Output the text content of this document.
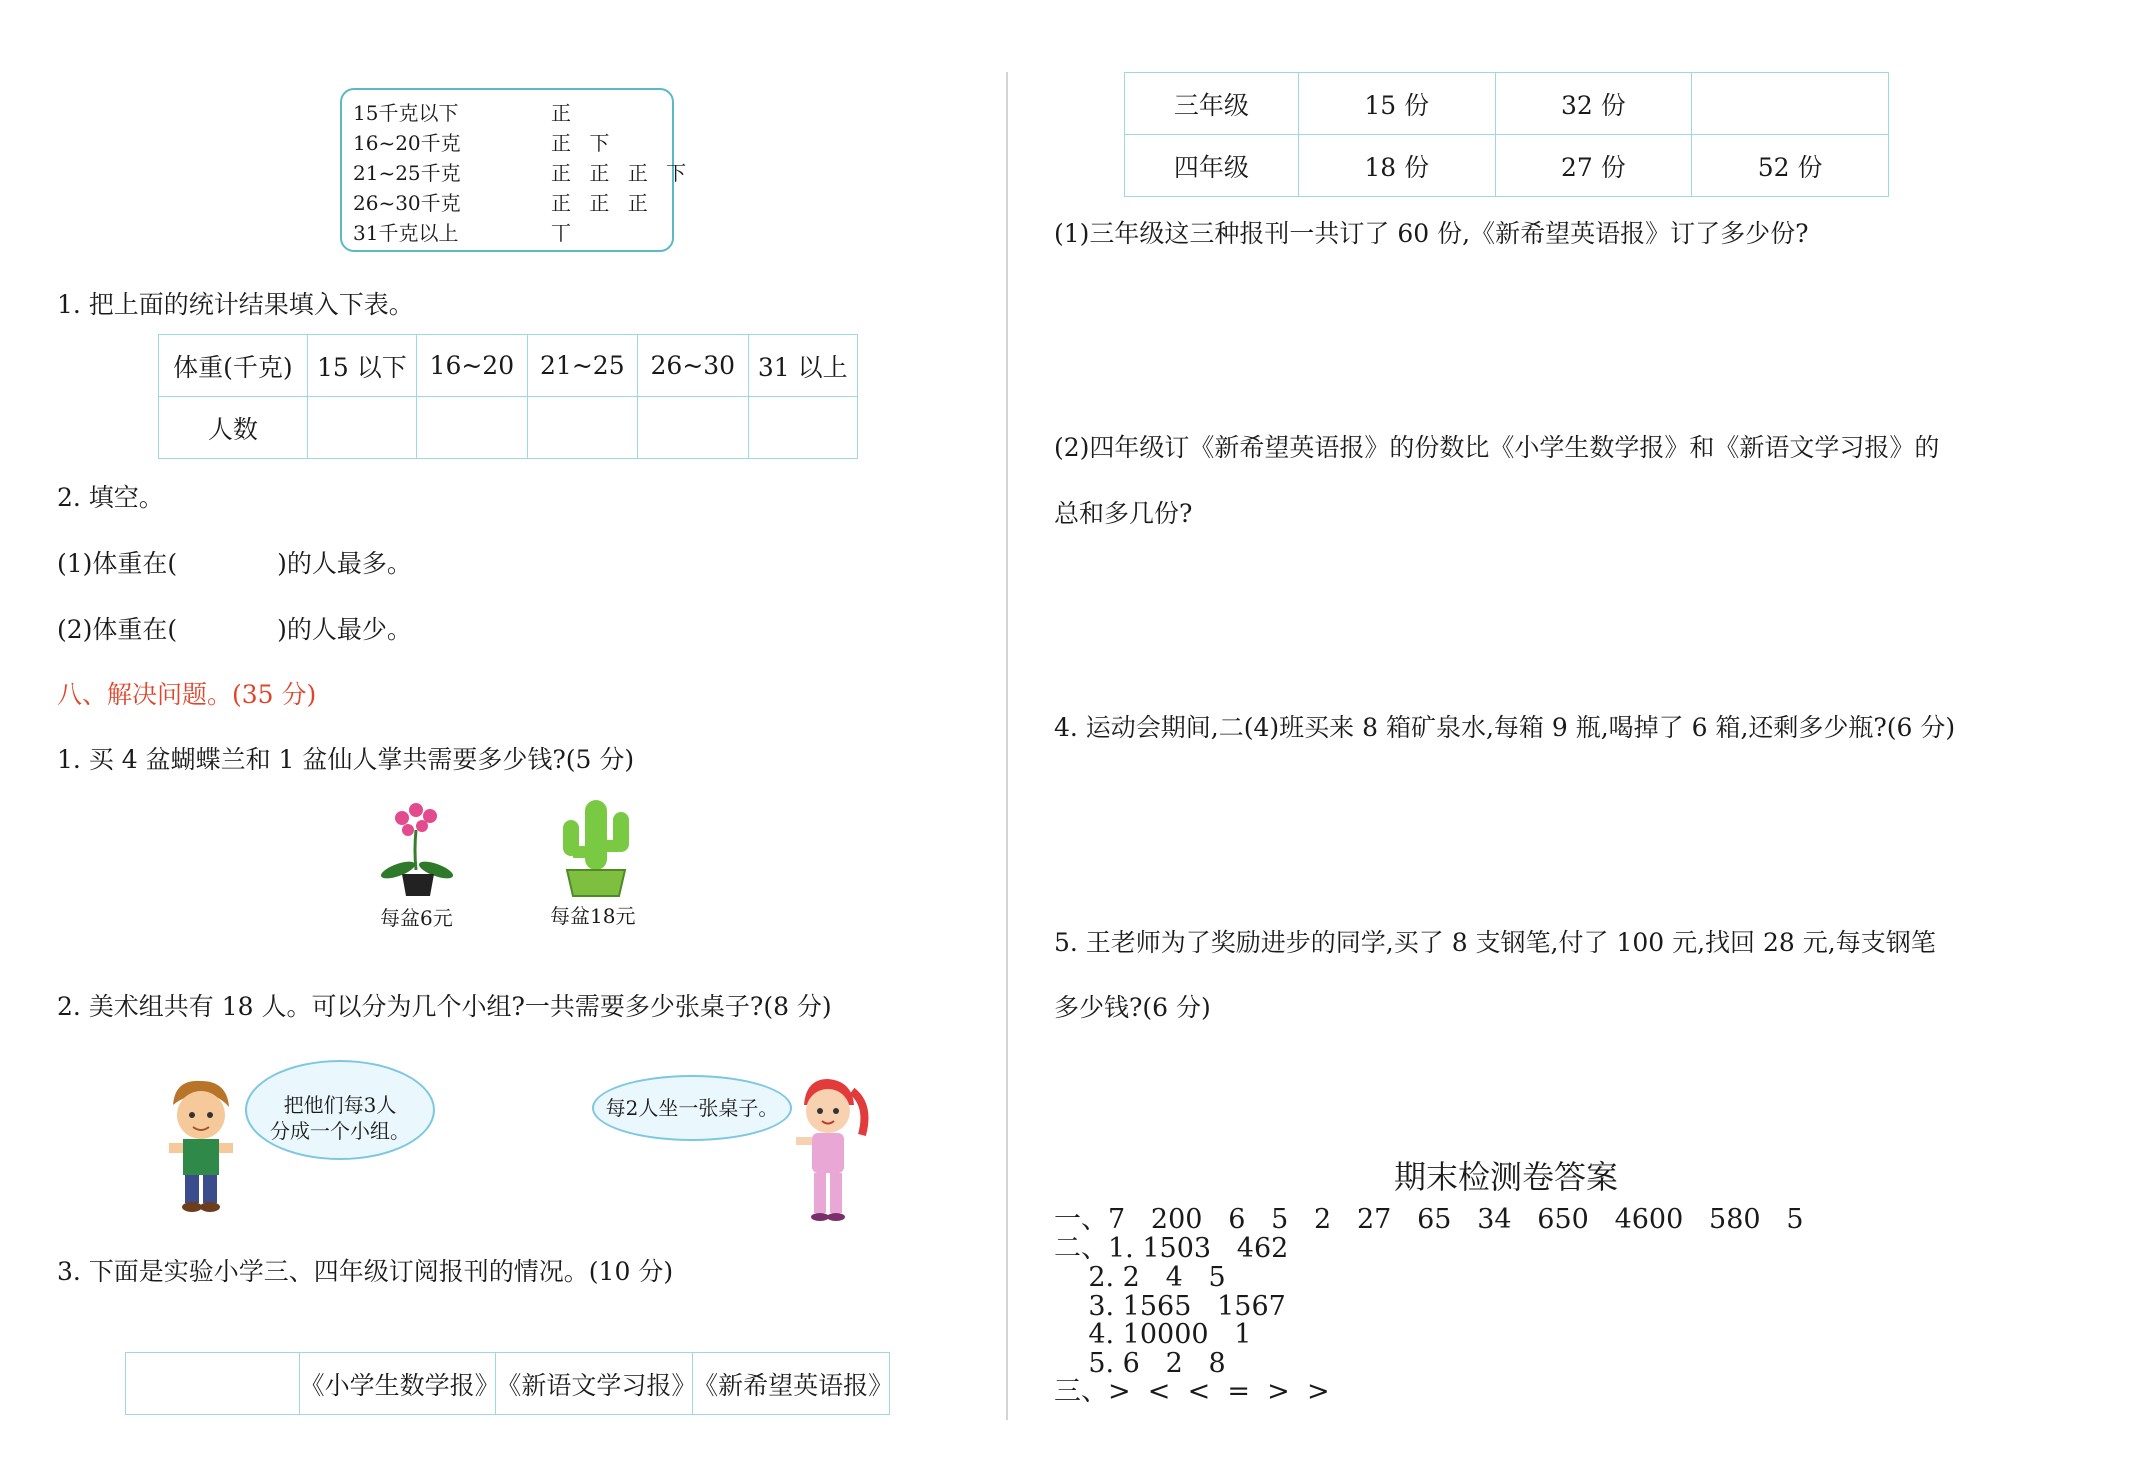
15千克以下	正
16~20千克	正 下
21~25千克	正 正 正 下
26~30千克	正 正 正
31千克以上	丅
1. 把上面的统计结果填入下表。
体重(千克)	15 以下	16~20	21~25	26~30	31 以上
人数					
2. 填空。
(1)体重在(　　　　)的人最多。
(2)体重在(　　　　)的人最少。
八、解决问题。(35 分)
1. 买 4 盆蝴蝶兰和 1 盆仙人掌共需要多少钱?(5 分)
每盆6元	每盆18元
2. 美术组共有 18 人。可以分为几个小组?一共需要多少张桌子?(8 分)
把他们每3人
分成一个小组。
每2人坐一张桌子。
3. 下面是实验小学三、四年级订阅报刊的情况。(10 分)
	《小学生数学报》	《新语文学习报》	《新希望英语报》
三年级	15 份	32 份	
四年级	18 份	27 份	52 份
(1)三年级这三种报刊一共订了 60 份,《新希望英语报》订了多少份?
(2)四年级订《新希望英语报》的份数比《小学生数学报》和《新语文学习报》的
总和多几份?
4. 运动会期间,二(4)班买来 8 箱矿泉水,每箱 9 瓶,喝掉了 6 箱,还剩多少瓶?(6 分)
5. 王老师为了奖励进步的同学,买了 8 支钢笔,付了 100 元,找回 28 元,每支钢笔
多少钱?(6 分)
期末检测卷答案
一、7   200   6   5   2   27   65   34   650   4600   580   5
二、1. 1503   462
2. 2   4   5
3. 1565   1567
4. 10000   1
5. 6   2   8
三、>  <  <  =  >  >
